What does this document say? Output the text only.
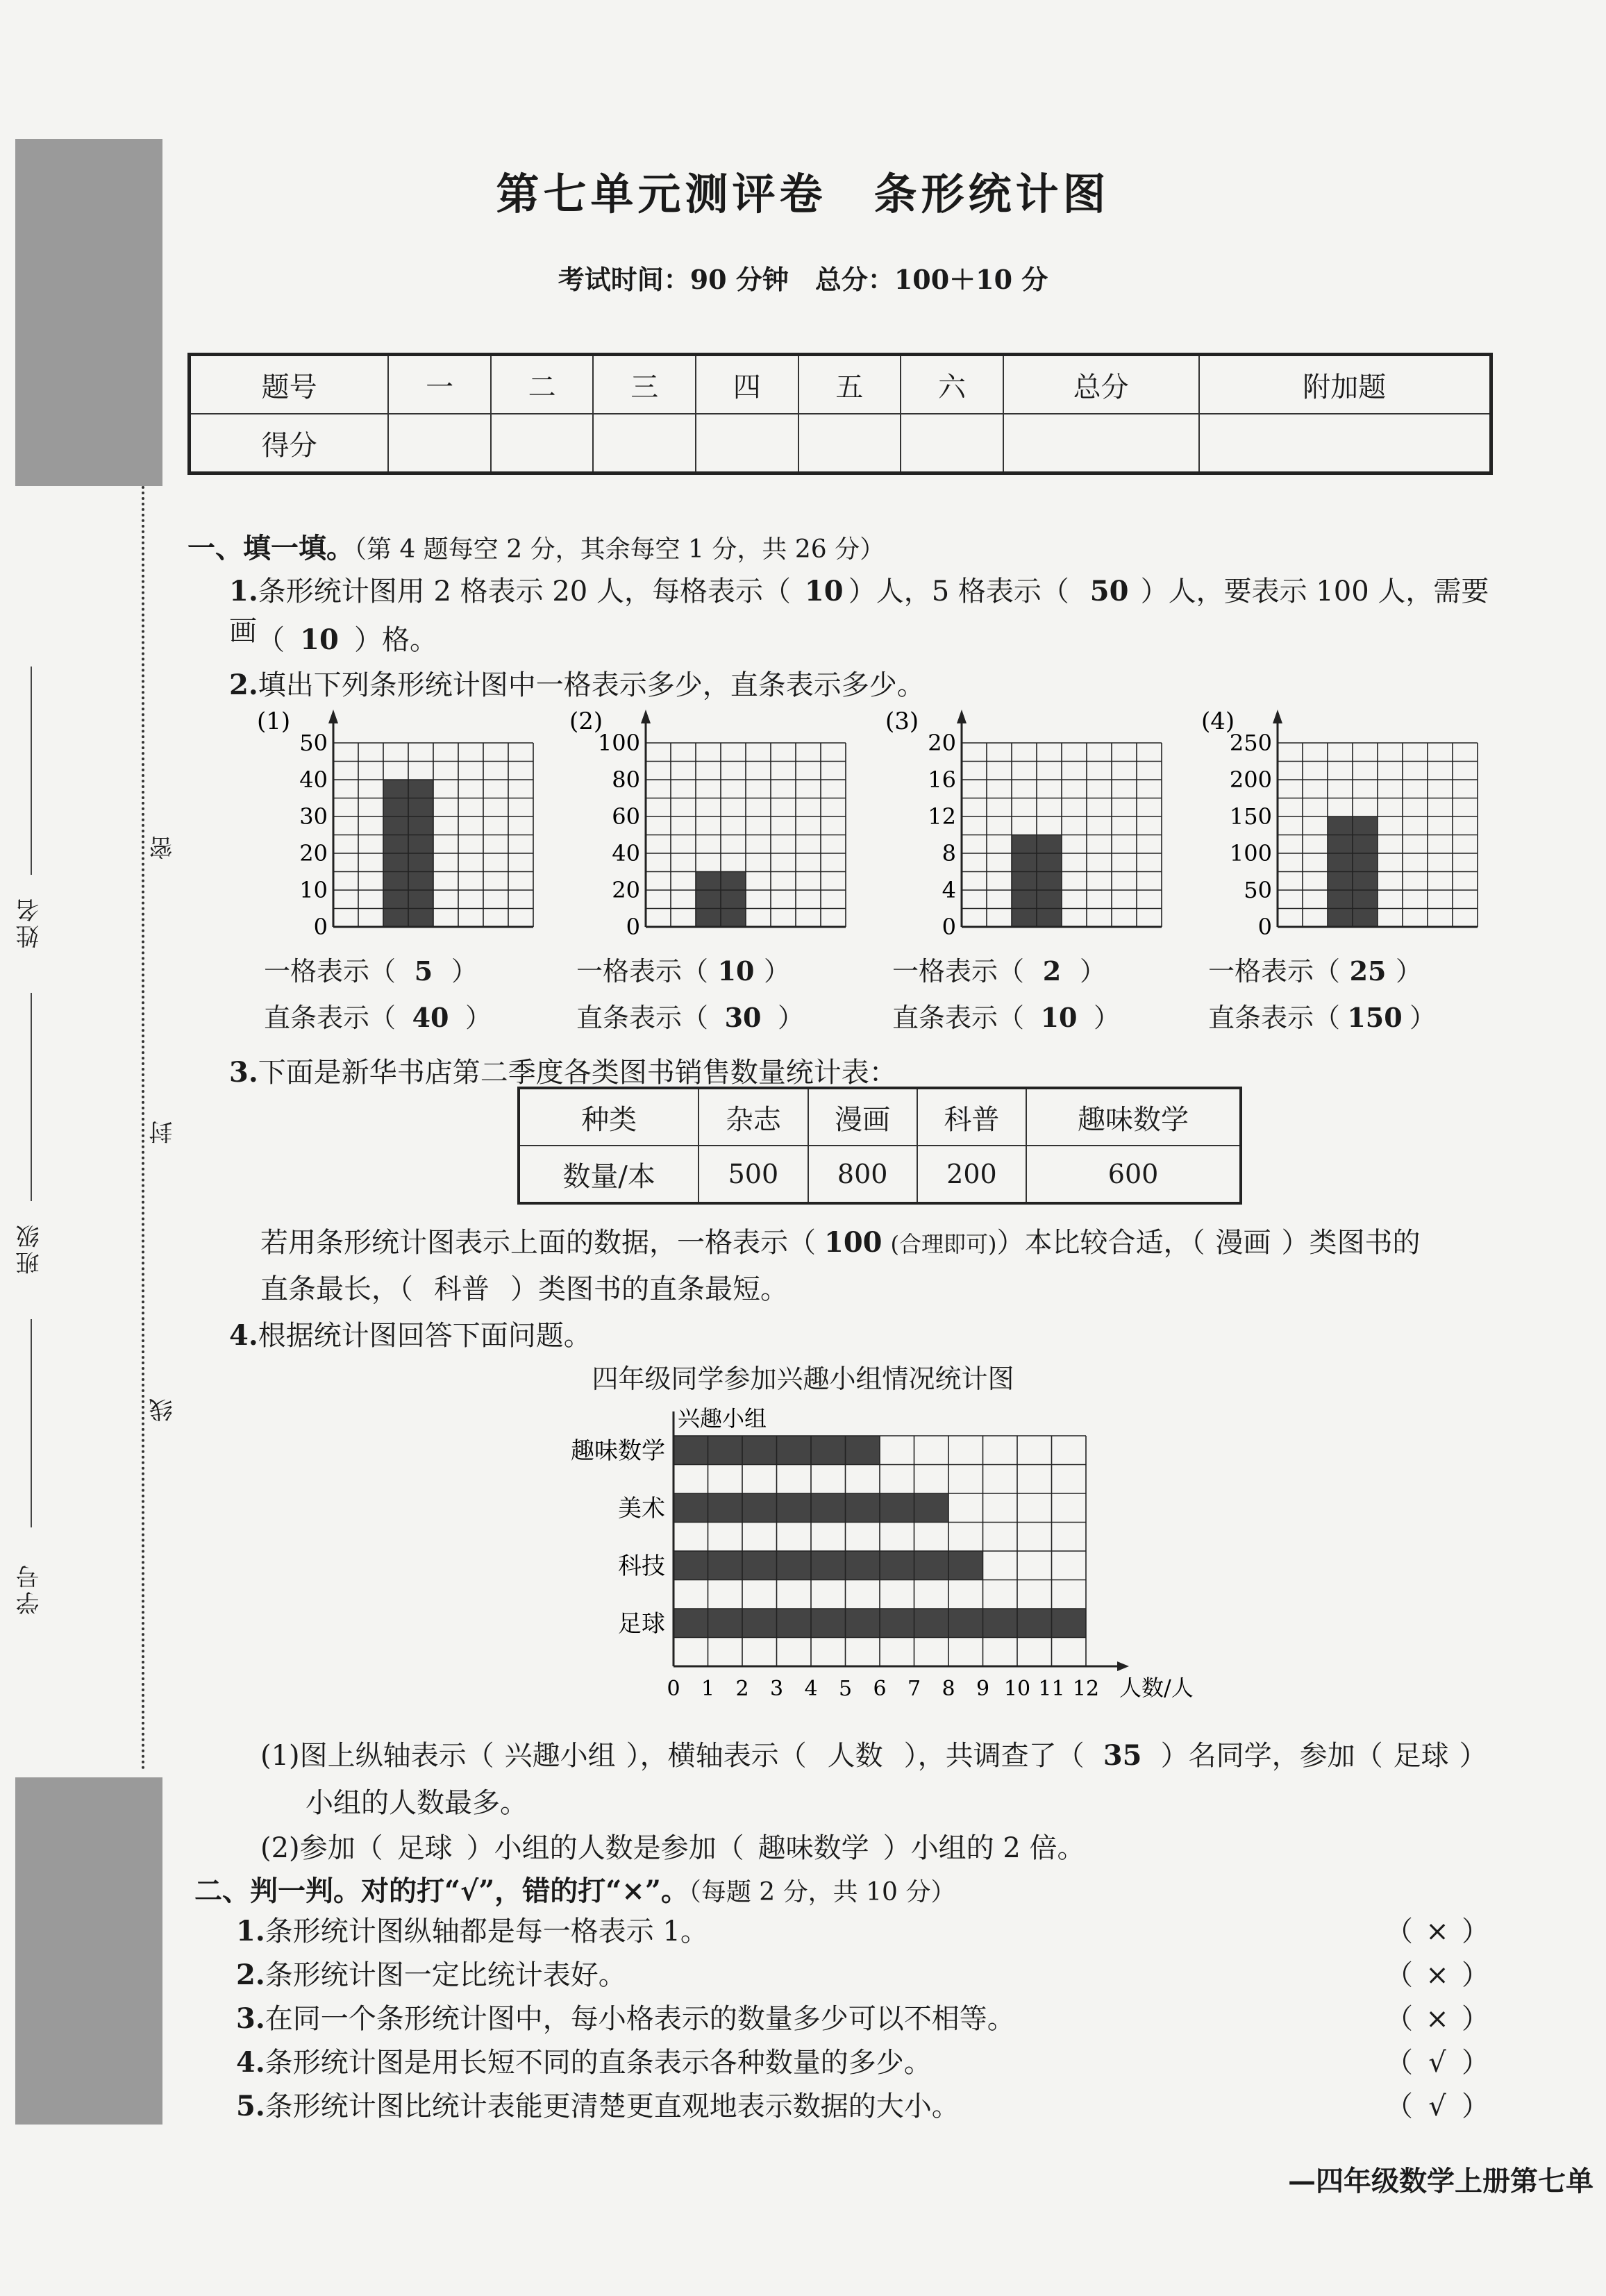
密
封
线
姓名
班级
学号
第七单元测评卷　条形统计图
考试时间：90 分钟　总分：100＋10 分
题号	一	二	三	四	五	六	总分	附加题
得分								
一、填一填。（第 4 题每空 2 分，其余每空 1 分，共 26 分）
1.条形统计图用 2 格表示 20 人，每格表示（ 10 ）人，5 格表示（ 50 ）人，要表示 100 人，需要画 （ 10 ）格。
2.填出下列条形统计图中一格表示多少，直条表示多少。
(1)
0
10
20
30
40
50
一格表示（ 5 ）
直条表示（ 40 ）
(2)
0
20
40
60
80
100
一格表示（ 10 ）
直条表示（ 30 ）
(3)
0
4
8
12
16
20
一格表示（ 2 ）
直条表示（ 10 ）
(4)
0
50
100
150
200
250
一格表示（ 25 ）
直条表示（ 150 ）
3.下面是新华书店第二季度各类图书销售数量统计表：
种类	杂志	漫画	科普	趣味数学
数量/本	500	800	200	600
若用条形统计图表示上面的数据，一格表示（ 100 (合理即可)）本比较合适，（ 漫画 ）类图书的
直条最长，（ 科普 ）类图书的直条最短。
4.根据统计图回答下面问题。
四年级同学参加兴趣小组情况统计图
趣味数学
美术
科技
足球
兴趣小组
人数/人
0 1 2 3 4 5 6 7 8 9 10 11 12
(1)图上纵轴表示（ 兴趣小组 ），横轴表示（ 人数 ），共调查了（ 35 ）名同学，参加（ 足球 ）
小组的人数最多。
(2)参加（ 足球 ）小组的人数是参加（ 趣味数学 ）小组的 2 倍。
二、判一判。对的打“√”，错的打“×”。（每题 2 分，共 10 分）
1.条形统计图纵轴都是每一格表示 1。	（ × ）
2.条形统计图一定比统计表好。	（ × ）
3.在同一个条形统计图中，每小格表示的数量多少可以不相等。	（ × ）
4.条形统计图是用长短不同的直条表示各种数量的多少。	（ √ ）
5.条形统计图比统计表能更清楚更直观地表示数据的大小。	（ √ ）
—四年级数学上册第七单
